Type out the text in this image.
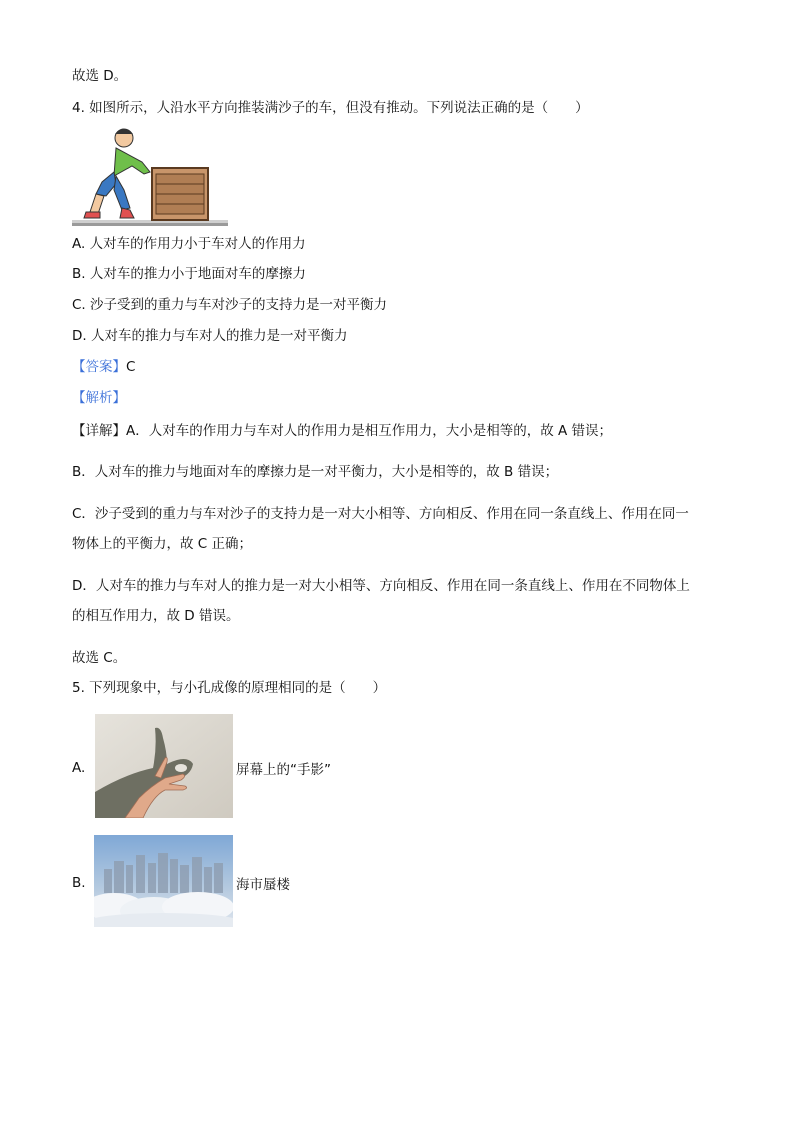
故选 D。
4. 如图所示，人沿水平方向推装满沙子的车，但没有推动。下列说法正确的是（　　）
A. 人对车的作用力小于车对人的作用力
B. 人对车的推力小于地面对车的摩擦力
C. 沙子受到的重力与车对沙子的支持力是一对平衡力
D. 人对车的推力与车对人的推力是一对平衡力
【答案】C
【解析】
【详解】A．人对车的作用力与车对人的作用力是相互作用力，大小是相等的，故 A 错误；
B．人对车的推力与地面对车的摩擦力是一对平衡力，大小是相等的，故 B 错误；
C．沙子受到的重力与车对沙子的支持力是一对大小相等、方向相反、作用在同一条直线上、作用在同一
物体上的平衡力，故 C 正确；
D．人对车的推力与车对人的推力是一对大小相等、方向相反、作用在同一条直线上、作用在不同物体上
的相互作用力，故 D 错误。
故选 C。
5. 下列现象中，与小孔成像的原理相同的是（　　）
A.	屏幕上的“手影”
B.	海市蜃楼
